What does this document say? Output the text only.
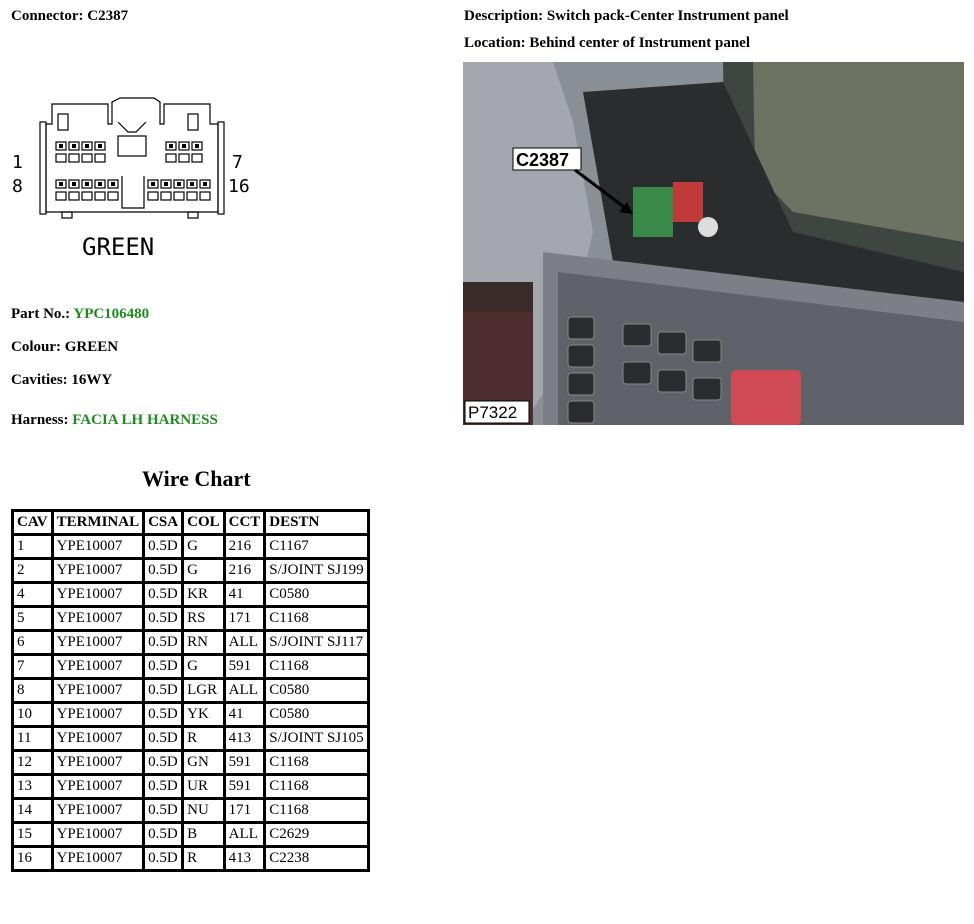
Connector: C2387	Description: Switch pack-Center Instrument panel
Location: Behind center of Instrument panel
1
8
7
16
GREEN
C2387
P7322
Part No.: YPC106480
Colour: GREEN
Cavities: 16WY
Harness: FACIA LH HARNESS
Wire Chart
CAV	TERMINAL	CSA	COL	CCT	DESTN
1	YPE10007	0.5D	G	216	C1167
2	YPE10007	0.5D	G	216	S/JOINT SJ199
4	YPE10007	0.5D	KR	41	C0580
5	YPE10007	0.5D	RS	171	C1168
6	YPE10007	0.5D	RN	ALL	S/JOINT SJ117
7	YPE10007	0.5D	G	591	C1168
8	YPE10007	0.5D	LGR	ALL	C0580
10	YPE10007	0.5D	YK	41	C0580
11	YPE10007	0.5D	R	413	S/JOINT SJ105
12	YPE10007	0.5D	GN	591	C1168
13	YPE10007	0.5D	UR	591	C1168
14	YPE10007	0.5D	NU	171	C1168
15	YPE10007	0.5D	B	ALL	C2629
16	YPE10007	0.5D	R	413	C2238
